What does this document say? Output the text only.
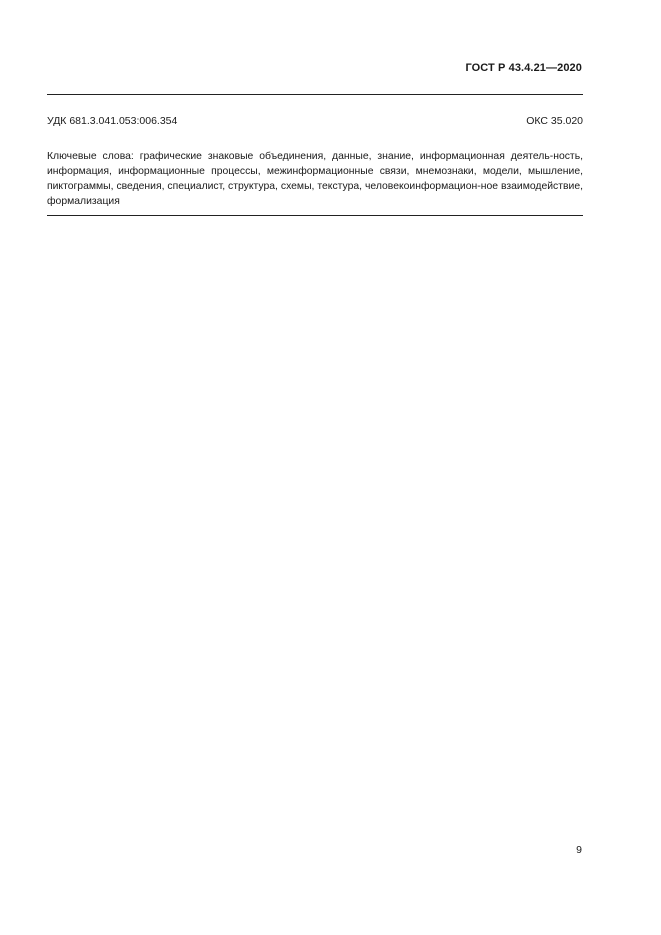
ГОСТ Р 43.4.21—2020
УДК 681.3.041.053:006.354	ОКС 35.020

Ключевые слова: графические знаковые объединения, данные, знание, информационная деятель-ность, информация, информационные процессы, межинформационные связи, мнемознаки, модели, мышление, пиктограммы, сведения, специалист, структура, схемы, текстура, человекоинформацион-ное взаимодействие, формализация

9
